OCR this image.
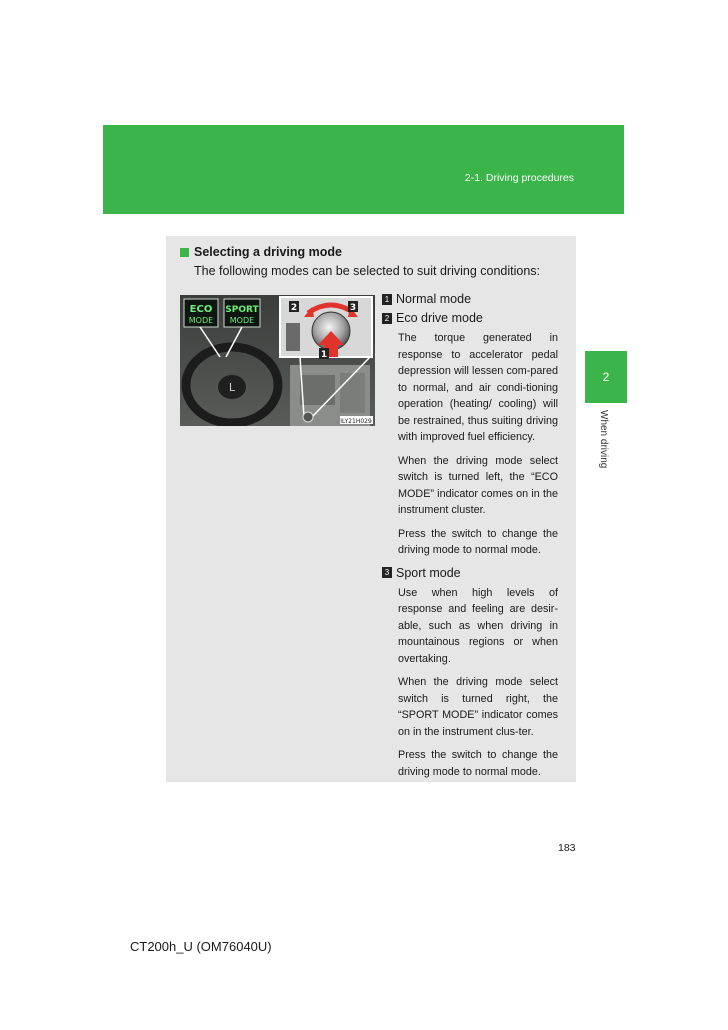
2-1. Driving procedures
2
When driving
Selecting a driving mode
The following modes can be selected to suit driving conditions:
L
ECO
MODE
SPORT
MODE
2	3
1
ILY21H029
1 Normal mode
2 Eco drive mode

The torque generated in response to accelerator pedal depression will lessen com-pared to normal, and air condi-tioning operation (heating/ cooling) will be restrained, thus suiting driving with improved fuel efficiency.

When the driving mode select switch is turned left, the “ECO MODE” indicator comes on in the instrument cluster.

Press the switch to change the driving mode to normal mode.

3 Sport mode

Use when high levels of response and feeling are desir-able, such as when driving in mountainous regions or when overtaking.

When the driving mode select switch is turned right, the “SPORT MODE” indicator comes on in the instrument clus-ter.

Press the switch to change the driving mode to normal mode.

183
CT200h_U (OM76040U)
